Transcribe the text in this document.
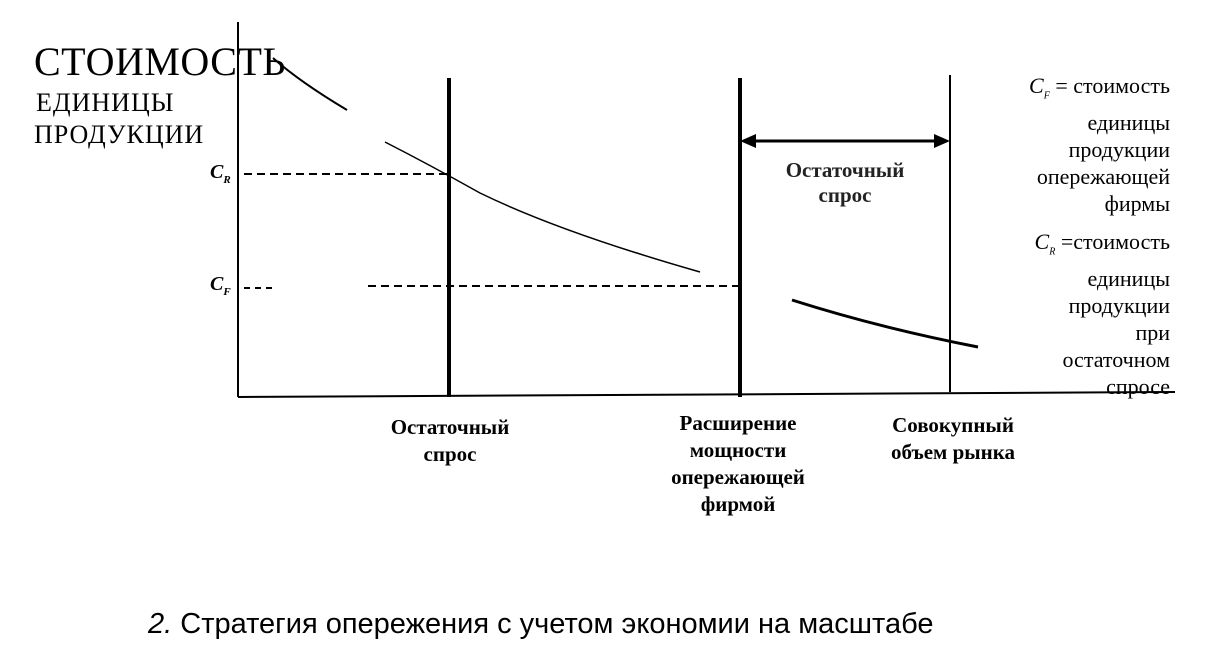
СТОИМОСТЬ
ЕДИНИЦЫ
ПРОДУКЦИИ
$C_R$
$C_F$
Остаточный
спрос
Остаточный
спрос
Расширение
мощности
опережающей
фирмой
Совокупный
объем рынка
$C_F$ = стоимость
единицы
продукции
опережающей
фирмы
$C_R$ =стоимость
единицы
продукции
при
остаточном
спросе
2. Стратегия опережения с учетом экономии на масштабе
